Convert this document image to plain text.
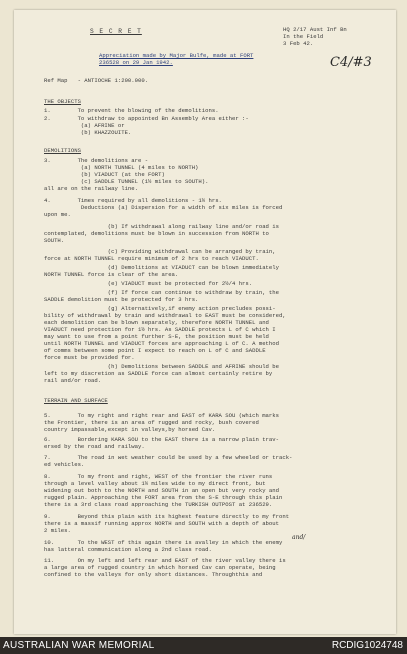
S E C R E T	HQ 2/17 Aust Inf Bn
In the Field
3 Feb 42.
Appreciation made by Major Bulfe, made at FORT
236528 on 29 Jan 1942.	C4/#3
Ref Map   - ANTIOCHE 1:200.000.
THE OBJECTS
1.        To prevent the blowing of the demolitions.
2.        To withdraw to appointed Bn Assembly Area either :-
(a) AFRINE or
(b) KHAZZOUITE.
DEMOLITIONS
3.        The demolitions are -
(a) NORTH TUNNEL (4 miles to NORTH)
(b) VIADUCT (at the FORT)
(c) SADDLE TUNNEL (1½ miles to SOUTH).
all are on the railway line.
4.        Times required by all demolitions - 1½ hrs.
Deductions (a) Dispersion for a width of six miles is forced
upon me.
(b) If withdrawal along railway line and/or road is
contemplated, demolitions must be blown in succession from NORTH to
SOUTH.
(c) Providing withdrawal can be arranged by train,
force at NORTH TUNNEL require minimum of 2 hrs to reach VIADUCT.
(d) Demolitions at VIADUCT can be blown immediately
NORTH TUNNEL force is clear of the area.
(e) VIADUCT must be protected for 2½/4 hrs.
(f) If force can continue to withdraw by train, the
SADDLE demolition must be protected for 3 hrs.
(g) Alternatively,if enemy action precludes possi-
bility of withdrawal by train and withdrawal to EAST must be considered,
each demolition can be blown separately, therefore NORTH TUNNEL and
VIADUCT need protection for 1½ hrs. As SADDLE protects L of C which I
may want to use from a point further S-E, the position must be held
until NORTH TUNNEL and VIADUCT forces are approaching L of C. A method
of comms between some point I expect to reach on L of C and SADDLE
force must be provided for.
(h) Demolitions between SADDLE and AFRINE should be
left to my discretion as SADDLE force can almost certainly retire by
rail and/or road.
TERRAIN AND SURFACE
5.        To my right and right rear and EAST of KARA SOU (which marks
the Frontier, there is an area of rugged and rocky, bush covered
country impassable,except in valleys,by horsed Cav.
6.        Bordering KARA SOU to the EAST there is a narrow plain trav-
ersed by the road and railway.
7.        The road in wet weather could be used by a few wheeled or track-
ed vehicles.
8.        To my front and right, WEST of the frontier the river runs
through a level valley about 1½ miles wide to my direct front, but
widening out both to the NORTH and SOUTH in an open but very rocky and
rugged plain. Approaching the FORT area from the S-E through this plain
there is a 3rd class road approaching the TURKISH OUTPOST at 236529.
9.        Beyond this plain with its highest feature directly to my front
there is a massif running approx NORTH and SOUTH with a depth of about
2 miles.
10.       To the WEST of this again there is avalley in which the enemy
has latteral communication along a 2nd class road.
11.       On my left and left rear and EAST of the river valley there is
a large area of rugged country in which horsed Cav can operate, being
confined to the valleys for only short distances. Throughthis and
and/
AUSTRALIAN WAR MEMORIAL	RCDIG1024748
